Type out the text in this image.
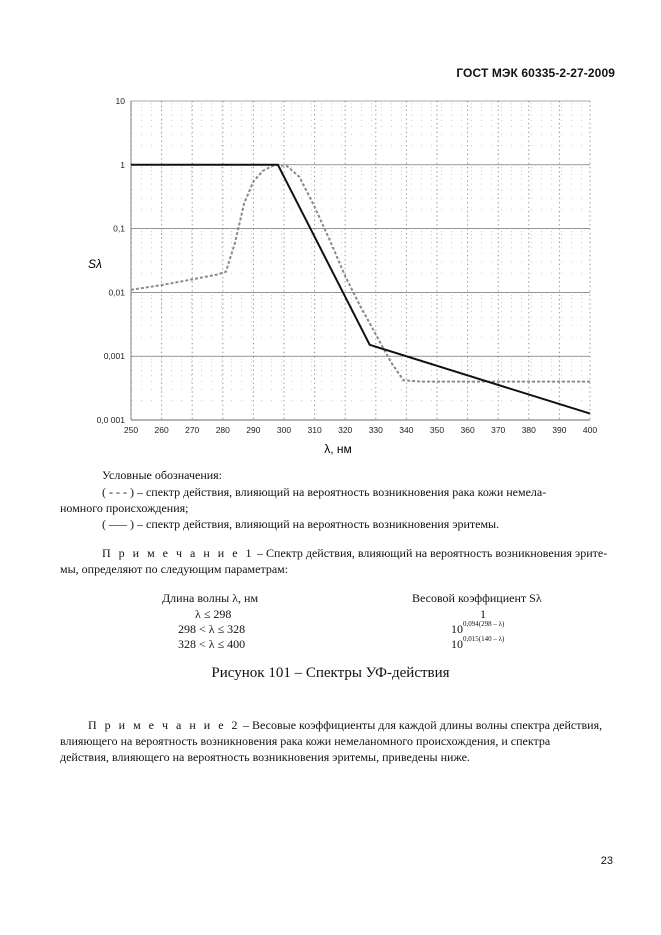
ГОСТ МЭК 60335-2-27-2009
10
1
0,1
0,01
0,001
0,0 001
250 260 270 280 290 300 310 320 330 340 350 360 370 380 390 400
Sλ
λ, нм

Условные обозначения:

( - - - ) – спектр действия, влияющий на вероятность возникновения рака кожи немела-

номного происхождения;

( ––– ) – спектр действия, влияющий на вероятность возникновения эритемы.

П р и м е ч а н и е 1 – Спектр действия, влияющий на вероятность возникновения эрите-

мы, определяют по следующим параметрам:

Длина волны λ, нм	Весовой коэффициент Sλ
λ ≤ 298	1
298 < λ ≤ 328	$10^{0,094(298 - \lambda)}$
328 < λ ≤ 400	$10^{0,015(140 - \lambda)}$
Рисунок 101 – Спектры УФ-действия

П р и м е ч а н и е 2 – Весовые коэффициенты для каждой длины волны спектра действия,

влияющего на вероятность возникновения рака кожи немеланомного происхождения, и спектра

действия, влияющего на вероятность возникновения эритемы, приведены ниже.

23
